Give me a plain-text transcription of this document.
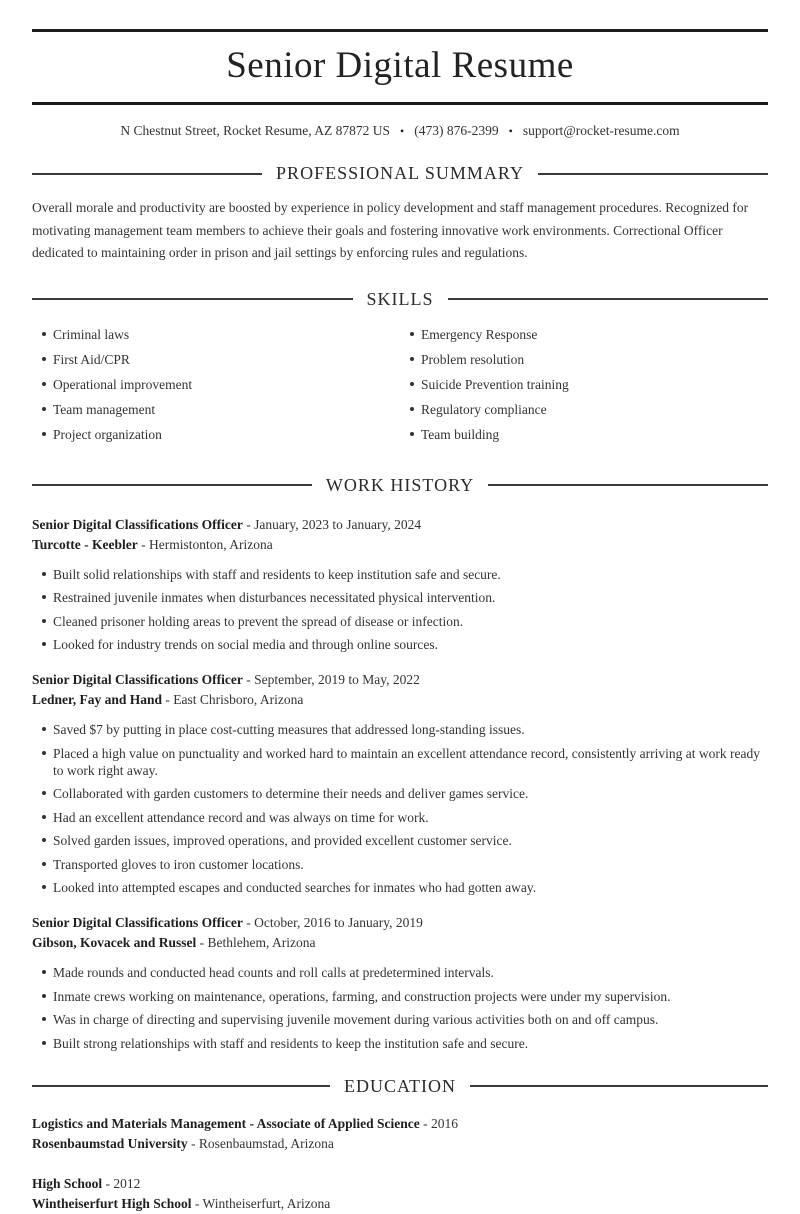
Senior Digital Resume
N Chestnut Street, Rocket Resume, AZ 87872 US • (473) 876-2399 • support@rocket-resume.com
PROFESSIONAL SUMMARY

Overall morale and productivity are boosted by experience in policy development and staff management procedures. Recognized for motivating management team members to achieve their goals and fostering innovative work environments. Correctional Officer dedicated to maintaining order in prison and jail settings by enforcing rules and regulations.

SKILLS
Criminal laws
First Aid/CPR
Operational improvement
Team management
Project organization
Emergency Response
Problem resolution
Suicide Prevention training
Regulatory compliance
Team building
WORK HISTORY
Senior Digital Classifications Officer - January, 2023 to January, 2024
Turcotte - Keebler - Hermistonton, Arizona
Built solid relationships with staff and residents to keep institution safe and secure.
Restrained juvenile inmates when disturbances necessitated physical intervention.
Cleaned prisoner holding areas to prevent the spread of disease or infection.
Looked for industry trends on social media and through online sources.
Senior Digital Classifications Officer - September, 2019 to May, 2022
Ledner, Fay and Hand - East Chrisboro, Arizona
Saved $7 by putting in place cost-cutting measures that addressed long-standing issues.
Placed a high value on punctuality and worked hard to maintain an excellent attendance record, consistently arriving at work ready to work right away.
Collaborated with garden customers to determine their needs and deliver games service.
Had an excellent attendance record and was always on time for work.
Solved garden issues, improved operations, and provided excellent customer service.
Transported gloves to iron customer locations.
Looked into attempted escapes and conducted searches for inmates who had gotten away.
Senior Digital Classifications Officer - October, 2016 to January, 2019
Gibson, Kovacek and Russel - Bethlehem, Arizona
Made rounds and conducted head counts and roll calls at predetermined intervals.
Inmate crews working on maintenance, operations, farming, and construction projects were under my supervision.
Was in charge of directing and supervising juvenile movement during various activities both on and off campus.
Built strong relationships with staff and residents to keep the institution safe and secure.
EDUCATION
Logistics and Materials Management - Associate of Applied Science - 2016
Rosenbaumstad University - Rosenbaumstad, Arizona
High School - 2012
Wintheiserfurt High School - Wintheiserfurt, Arizona
